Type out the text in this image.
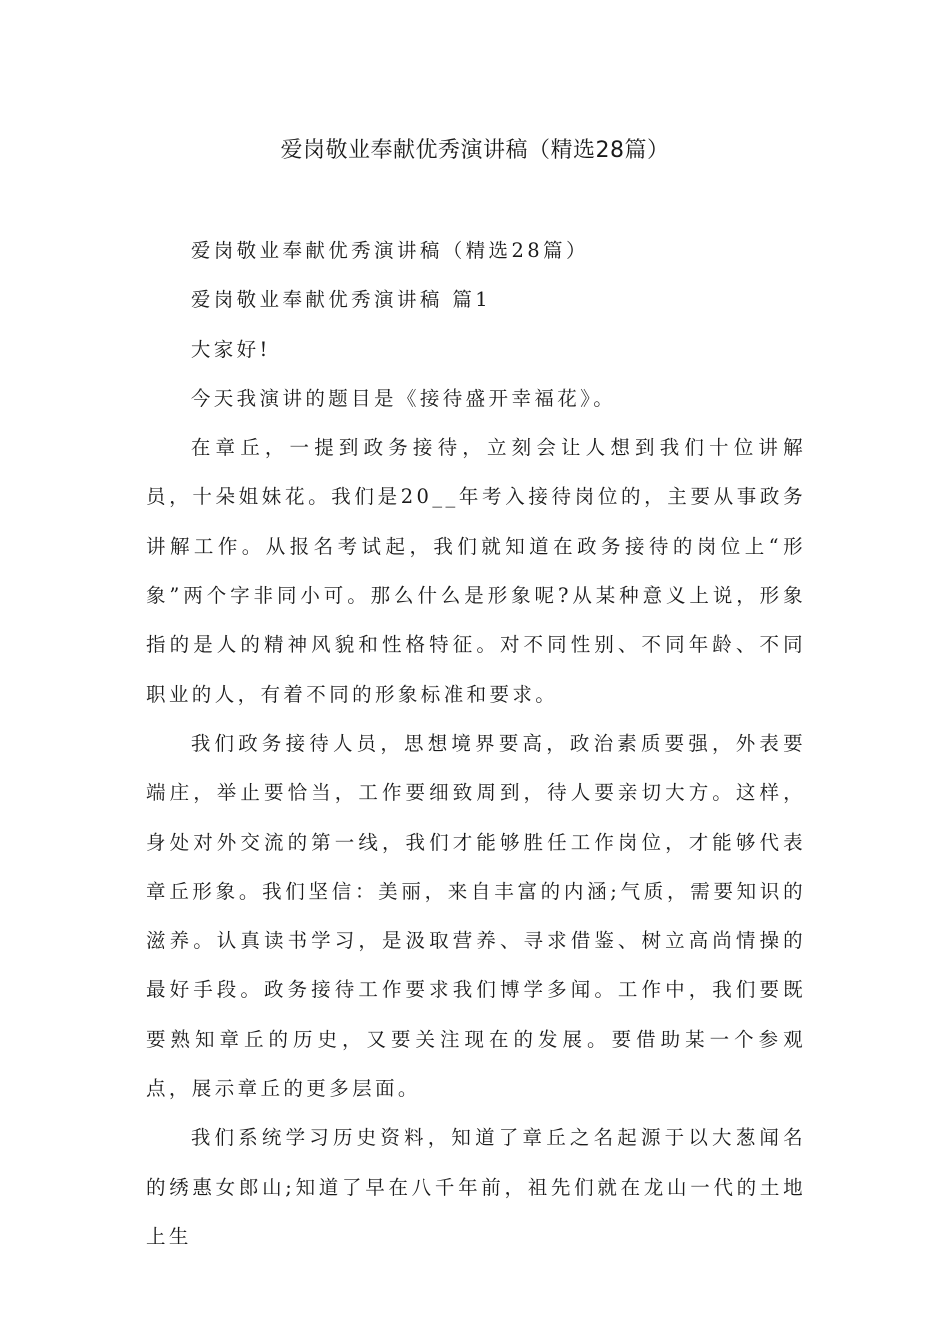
爱岗敬业奉献优秀演讲稿（精选28篇）

爱岗敬业奉献优秀演讲稿（精选28篇）

爱岗敬业奉献优秀演讲稿 篇1

大家好!

今天我演讲的题目是《接待盛开幸福花》。

在章丘，一提到政务接待，立刻会让人想到我们十位讲解员，十朵姐妹花。我们是20__年考入接待岗位的，主要从事政务讲解工作。从报名考试起，我们就知道在政务接待的岗位上“形象”两个字非同小可。那么什么是形象呢?从某种意义上说，形象指的是人的精神风貌和性格特征。对不同性别、不同年龄、不同职业的人，有着不同的形象标准和要求。

我们政务接待人员，思想境界要高，政治素质要强，外表要端庄，举止要恰当，工作要细致周到，待人要亲切大方。这样，身处对外交流的第一线，我们才能够胜任工作岗位，才能够代表章丘形象。我们坚信：美丽，来自丰富的内涵;气质，需要知识的滋养。认真读书学习，是汲取营养、寻求借鉴、树立高尚情操的最好手段。政务接待工作要求我们博学多闻。工作中，我们要既要熟知章丘的历史，又要关注现在的发展。要借助某一个参观点，展示章丘的更多层面。

我们系统学习历史资料，知道了章丘之名起源于以大葱闻名的绣惠女郎山;知道了早在八千年前，祖先们就在龙山一代的土地上生
